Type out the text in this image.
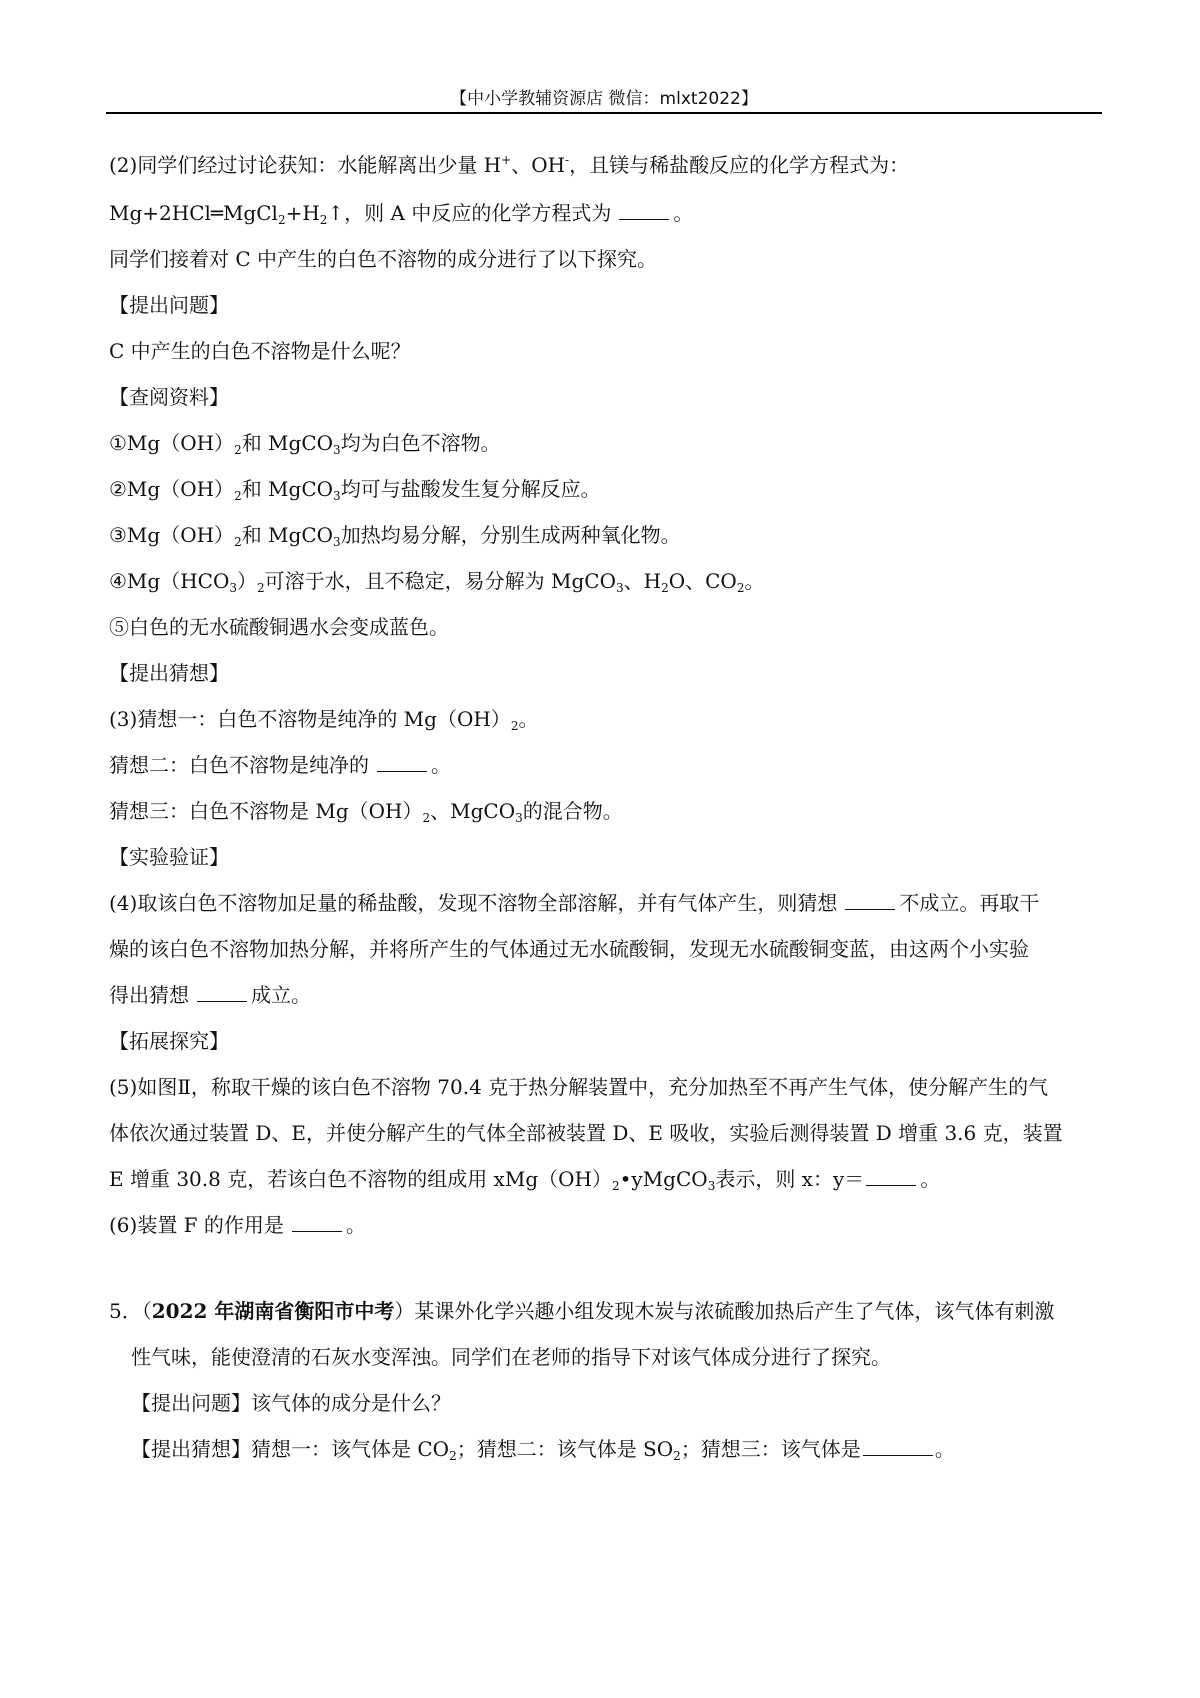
【中小学教辅资源店 微信：mlxt2022】
(2)同学们经过讨论获知：水能解离出少量 H+、OH-，且镁与稀盐酸反应的化学方程式为：
$Mg+2HCl═MgCl_2+H_2↑$，则 A 中反应的化学方程式为	。
同学们接着对 C 中产生的白色不溶物的成分进行了以下探究。
【提出问题】
C 中产生的白色不溶物是什么呢？
【查阅资料】
$①Mg(OH)_2$和 MgCO$_3$均为白色不溶物。
$②Mg(OH)_2$和 MgCO$_3$均可与盐酸发生复分解反应。
$③Mg(OH)_2$和 MgCO$_3$加热均易分解，分别生成两种氧化物。
$④Mg(HCO_3)_2$可溶于水，且不稳定，易分解为 MgCO$_3$、$H_2O$、$CO_2$。
⑤白色的无水硫酸铜遇水会变成蓝色。
【提出猜想】
(3)猜想一：白色不溶物是纯净的 $Mg(OH)_2$。
猜想二：白色不溶物是纯净的	。
猜想三：白色不溶物是 $Mg(OH)_2$、MgCO$_3$的混合物。
【实验验证】
(4)取该白色不溶物加足量的稀盐酸，发现不溶物全部溶解，并有气体产生，则猜想	不成立。再取干
燥的该白色不溶物加热分解，并将所产生的气体通过无水硫酸铜，发现无水硫酸铜变蓝，由这两个小实验
得出猜想	成立。
【拓展探究】
(5)如图Ⅱ，称取干燥的该白色不溶物 70.4 克于热分解装置中，充分加热至不再产生气体，使分解产生的气
体依次通过装置 D、E，并使分解产生的气体全部被装置 D、E 吸收，实验后测得装置 D 增重 3.6 克，装置
E 增重 30.8 克，若该白色不溶物的组成用 $xMg(OH)_2•yMgCO_3$表示，则 x：y＝	。
(6)装置 F 的作用是	。
5．（2022 年湖南省衡阳市中考）某课外化学兴趣小组发现木炭与浓硫酸加热后产生了气体，该气体有刺激
性气味，能使澄清的石灰水变浑浊。同学们在老师的指导下对该气体成分进行了探究。
【提出问题】该气体的成分是什么？
【提出猜想】猜想一：该气体是 $CO_2$；猜想二：该气体是 $SO_2$；猜想三：该气体是	。
